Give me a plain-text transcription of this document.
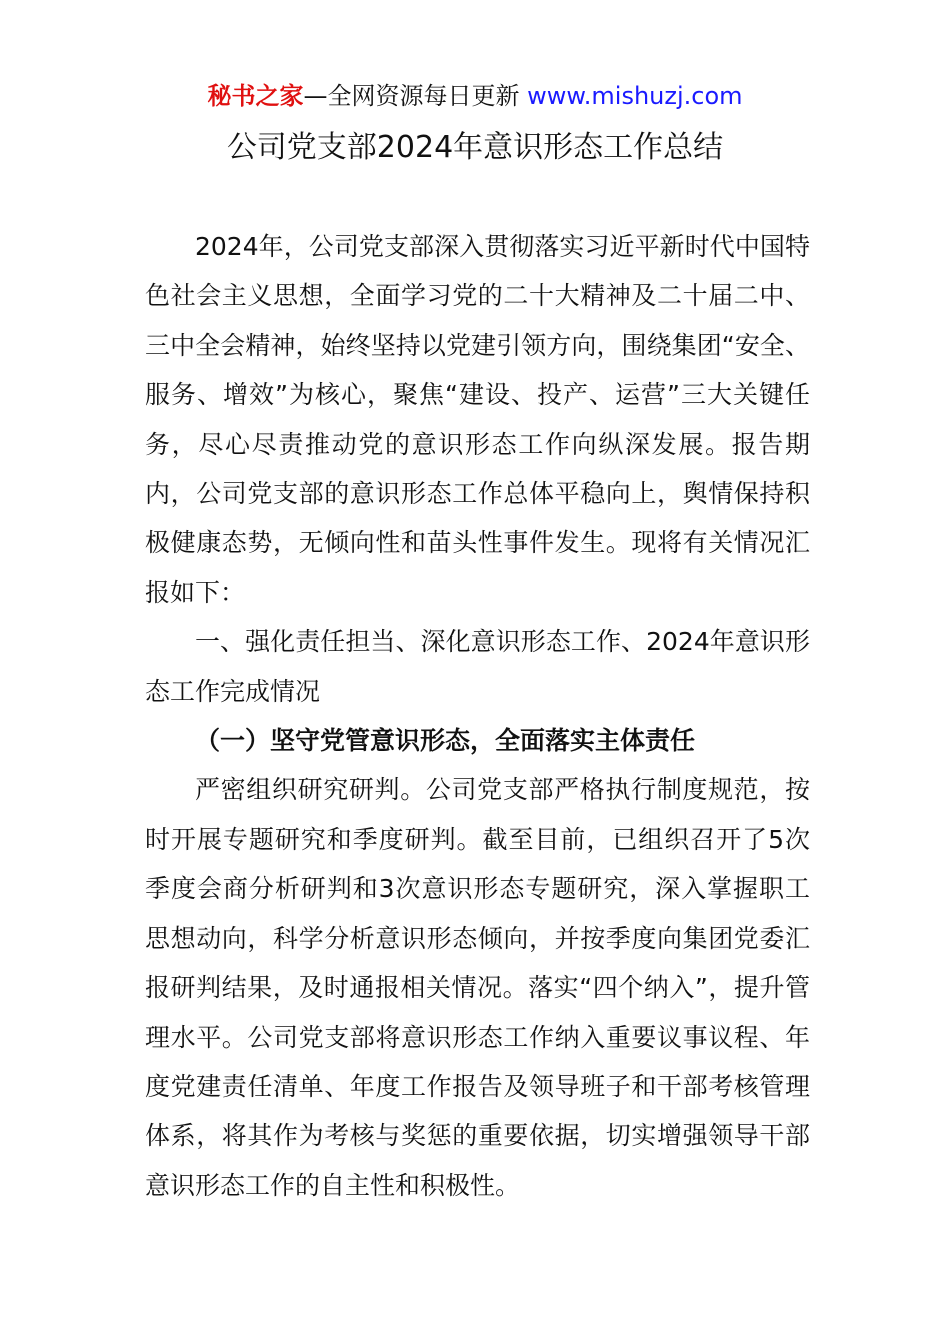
秘书之家—全网资源每日更新 www.mishuzj.com
公司党支部2024年意识形态工作总结

2024年，公司党支部深入贯彻落实习近平新时代中国特色社会主义思想，全面学习党的二十大精神及二十届二中、三中全会精神，始终坚持以党建引领方向，围绕集团“安全、服务、增效”为核心，聚焦“建设、投产、运营”三大关键任务，尽心尽责推动党的意识形态工作向纵深发展。报告期内，公司党支部的意识形态工作总体平稳向上，舆情保持积极健康态势，无倾向性和苗头性事件发生。现将有关情况汇报如下：

一、强化责任担当、深化意识形态工作、2024年意识形态工作完成情况

（一）坚守党管意识形态，全面落实主体责任

严密组织研究研判。公司党支部严格执行制度规范，按时开展专题研究和季度研判。截至目前，已组织召开了5次季度会商分析研判和3次意识形态专题研究，深入掌握职工思想动向，科学分析意识形态倾向，并按季度向集团党委汇报研判结果，及时通报相关情况。落实“四个纳入”，提升管理水平。公司党支部将意识形态工作纳入重要议事议程、年度党建责任清单、年度工作报告及领导班子和干部考核管理体系，将其作为考核与奖惩的重要依据，切实增强领导干部意识形态工作的自主性和积极性。
